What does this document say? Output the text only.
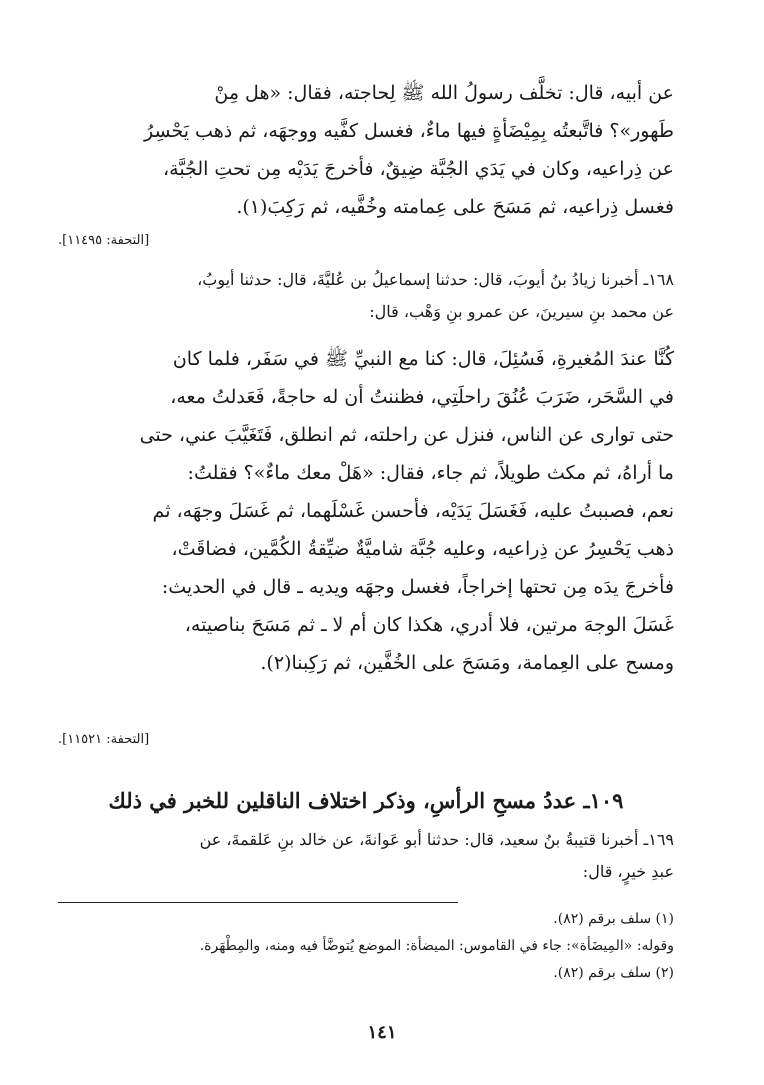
عن أبيه، قال: تخلَّف رسولُ الله ﷺ لِحاجته، فقال: «هل مِنْ

طَهور»؟ فاتَّبعتُه بِمِيْضَأةٍ فيها ماءٌ، فغسل كفَّيه ووجهَه، ثم ذهب يَحْسِرُ

عن ذِراعيه، وكان في يَدَي الجُبَّة ضِيقٌ، فأخرجَ يَدَيْه مِن تحتِ الجُبَّة،

فغسل ذِراعيه، ثم مَسَحَ على عِمامته وخُفَّيه، ثم رَكِبَ(١).

[التحفة: ١١٤٩٥].

١٦٨ـ أخبرنا زيادُ بنُ أيوبَ، قال: حدثنا إسماعيلُ بن عُليَّةَ، قال: حدثنا أيوبُ،

عن محمد بنِ سيرينَ، عن عمرو بنِ وَهْب، قال:

كُنَّا عندَ المُغيرةِ، فَسُئِلَ، قال: كنا مع النبيِّ ﷺ في سَفَر، فلما كان

في السَّحَر، ضَرَبَ عُنُقَ راحلَتِي، فظننتُ أن له حاجةً، فَعَدلتُ معه،

حتى توارى عن الناس، فنزل عن راحلته، ثم انطلق، فَتَغَيَّبَ عني، حتى

ما أراهُ، ثم مكث طويلاً، ثم جاء، فقال: «هَلْ معك ماءٌ»؟ فقلتُ:

نعم، فصببتُ عليه، فَغَسَلَ يَدَيْه، فأحسن غَسْلَهما، ثم غَسَلَ وجهَه، ثم

ذهب يَحْسِرُ عن ذِراعيه، وعليه جُبَّة شاميَّةٌ ضيِّقةُ الكُمَّين، فضاقَتْ،

فأخرجَ يدَه مِن تحتها إخراجاً، فغسل وجهَه ويديه ـ قال في الحديث:

غَسَلَ الوجهَ مرتين، فلا أدري، هكذا كان أم لا ـ ثم مَسَحَ بناصيته،

ومسح على العِمامة، ومَسَحَ على الخُفَّين، ثم رَكِبنا(٢).

[التحفة: ١١٥٢١].
١٠٩ـ عددُ مسحِ الرأسِ، وذكر اختلاف الناقلين للخبر في ذلك

١٦٩ـ أخبرنا قتيبةُ بنُ سعيد، قال: حدثنا أبو عَوانةَ، عن خالد بنِ عَلقمةَ، عن

عبدِ خيرٍ، قال:

(١) سلف برقم (٨٢).

وقوله: «المِيضَأة»: جاء في القاموس: الميضأة: الموضع يُتوضَّأ فيه ومنه، والمِطْهَرة.

(٢) سلف برقم (٨٢).

١٤١
